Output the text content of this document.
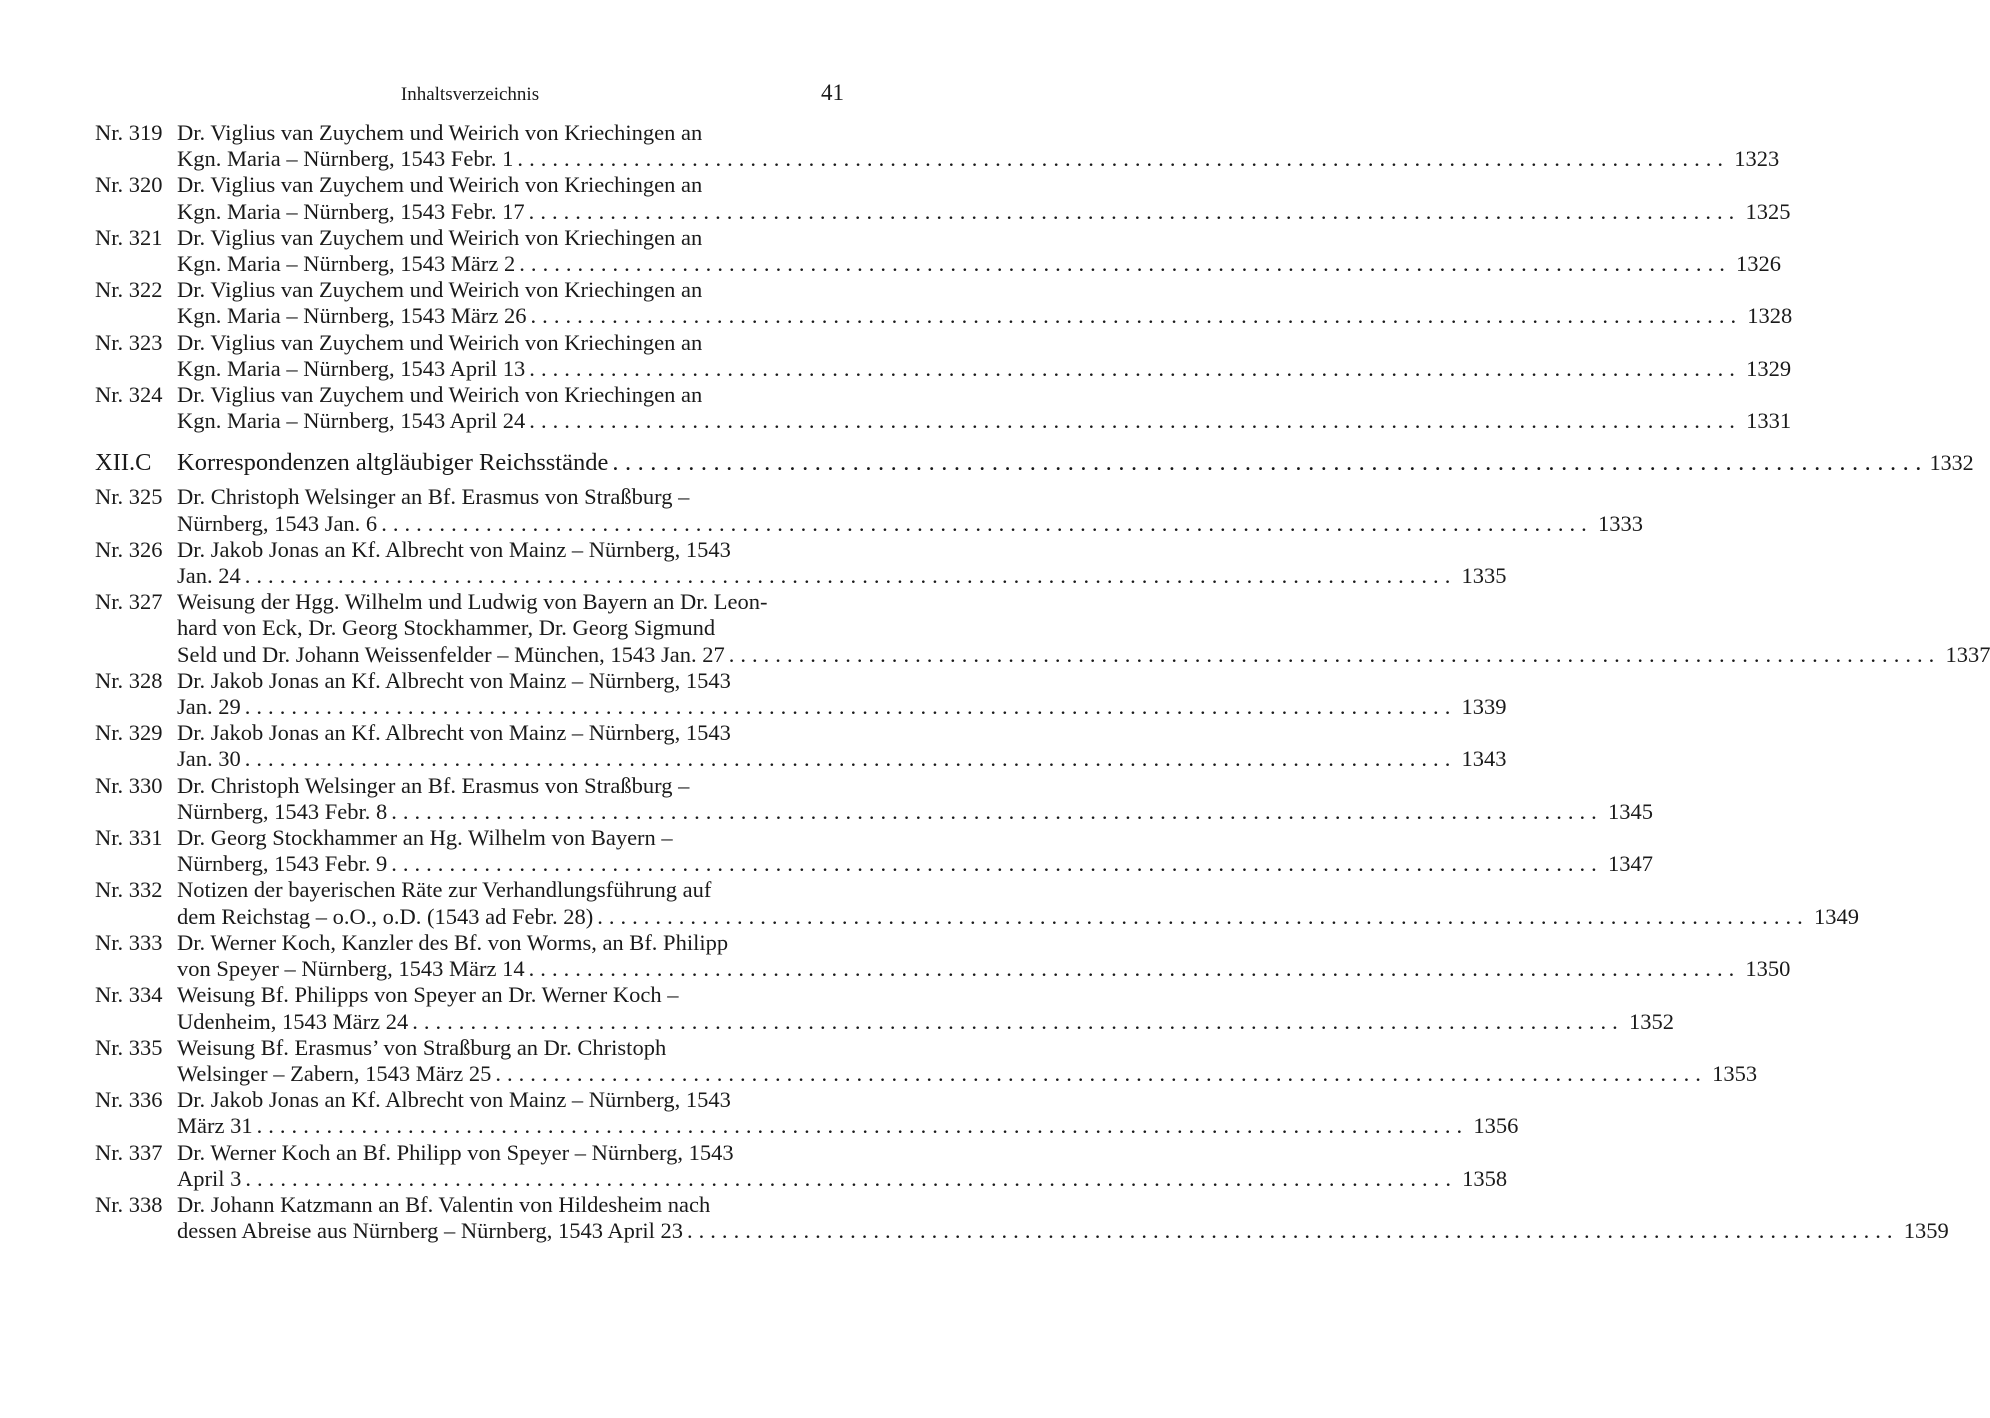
Inhaltsverzeichnis	41
Nr. 319 Dr. Viglius van Zuychem und Weirich von Kriechingen an
Kgn. Maria – Nürnberg, 1543 Febr. 1 . . .	1323
Nr. 320 Dr. Viglius van Zuychem und Weirich von Kriechingen an
Kgn. Maria – Nürnberg, 1543 Febr. 17 . . .	1325
Nr. 321 Dr. Viglius van Zuychem und Weirich von Kriechingen an
Kgn. Maria – Nürnberg, 1543 März 2 . . .	1326
Nr. 322 Dr. Viglius van Zuychem und Weirich von Kriechingen an
Kgn. Maria – Nürnberg, 1543 März 26 . . .	1328
Nr. 323 Dr. Viglius van Zuychem und Weirich von Kriechingen an
Kgn. Maria – Nürnberg, 1543 April 13 . . .	1329
Nr. 324 Dr. Viglius van Zuychem und Weirich von Kriechingen an
Kgn. Maria – Nürnberg, 1543 April 24 . . .	1331
XII.C	Korrespondenzen altgläubiger Reichsstände . . .	1332
Nr. 325 Dr. Christoph Welsinger an Bf. Erasmus von Straßburg –
Nürnberg, 1543 Jan. 6 . . .	1333
Nr. 326 Dr. Jakob Jonas an Kf. Albrecht von Mainz – Nürnberg, 1543
Jan. 24 . . .	1335
Nr. 327 Weisung der Hgg. Wilhelm und Ludwig von Bayern an Dr. Leon-
hard von Eck, Dr. Georg Stockhammer, Dr. Georg Sigmund
Seld und Dr. Johann Weissenfelder – München, 1543 Jan. 27 . . .	1337
Nr. 328 Dr. Jakob Jonas an Kf. Albrecht von Mainz – Nürnberg, 1543
Jan. 29 . . .	1339
Nr. 329 Dr. Jakob Jonas an Kf. Albrecht von Mainz – Nürnberg, 1543
Jan. 30 . . .	1343
Nr. 330 Dr. Christoph Welsinger an Bf. Erasmus von Straßburg –
Nürnberg, 1543 Febr. 8 . . .	1345
Nr. 331 Dr. Georg Stockhammer an Hg. Wilhelm von Bayern –
Nürnberg, 1543 Febr. 9 . . .	1347
Nr. 332 Notizen der bayerischen Räte zur Verhandlungsführung auf
dem Reichstag – o.O., o.D. (1543 ad Febr. 28) . . .	1349
Nr. 333 Dr. Werner Koch, Kanzler des Bf. von Worms, an Bf. Philipp
von Speyer – Nürnberg, 1543 März 14 . . .	1350
Nr. 334 Weisung Bf. Philipps von Speyer an Dr. Werner Koch –
Udenheim, 1543 März 24 . . .	1352
Nr. 335 Weisung Bf. Erasmus’ von Straßburg an Dr. Christoph
Welsinger – Zabern, 1543 März 25 . . .	1353
Nr. 336 Dr. Jakob Jonas an Kf. Albrecht von Mainz – Nürnberg, 1543
März 31 . . .	1356
Nr. 337 Dr. Werner Koch an Bf. Philipp von Speyer – Nürnberg, 1543
April 3 . . .	1358
Nr. 338 Dr. Johann Katzmann an Bf. Valentin von Hildesheim nach
dessen Abreise aus Nürnberg – Nürnberg, 1543 April 23 . . .	1359
